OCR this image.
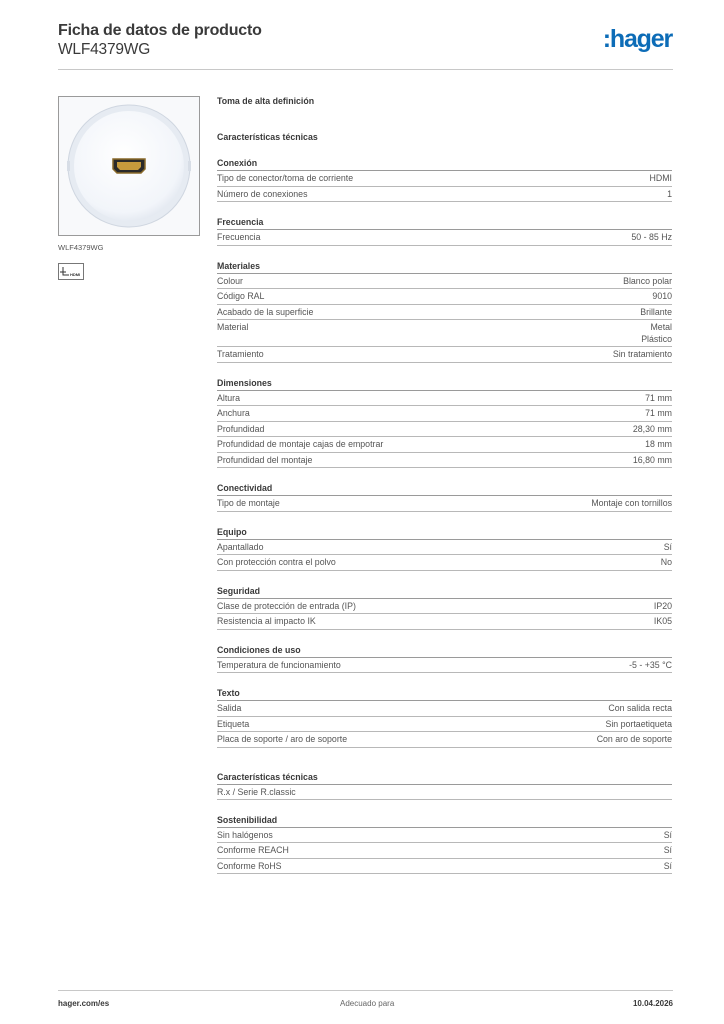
Ficha de datos de producto
WLF4379WG	:hager
WLF4379WG
HDMI
Toma de alta definición
Características técnicas
Conexión
Tipo de conector/toma de corriente	HDMI
Número de conexiones	1
Frecuencia
Frecuencia	50 - 85 Hz
Materiales
Colour	Blanco polar
Código RAL	9010
Acabado de la superficie	Brillante
Material	Metal
Plástico
Tratamiento	Sin tratamiento
Dimensiones
Altura	71 mm
Anchura	71 mm
Profundidad	28,30 mm
Profundidad de montaje cajas de empotrar	18 mm
Profundidad del montaje	16,80 mm
Conectividad
Tipo de montaje	Montaje con tornillos
Equipo
Apantallado	Sí
Con protección contra el polvo	No
Seguridad
Clase de protección de entrada (IP)	IP20
Resistencia al impacto IK	IK05
Condiciones de uso
Temperatura de funcionamiento	-5 - +35 °C
Texto
Salida	Con salida recta
Etiqueta	Sin portaetiqueta
Placa de soporte / aro de soporte	Con aro de soporte
Características técnicas
R.x / Serie R.classic
Sostenibilidad
Sin halógenos	Sí
Conforme REACH	Sí
Conforme RoHS	Sí
hager.com/es	Adecuado para	10.04.2026
